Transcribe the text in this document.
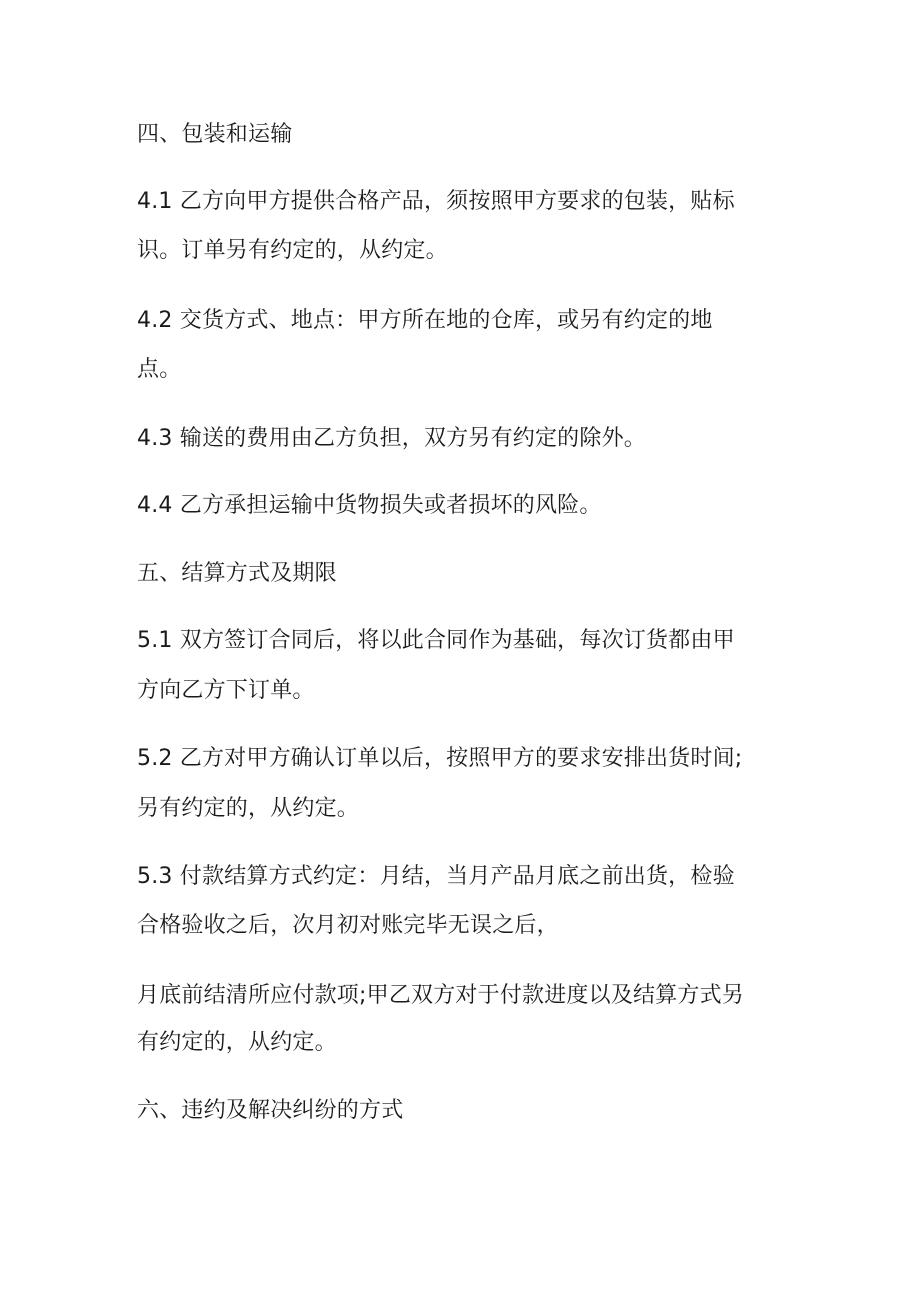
四、包装和运输
4.1 乙方向甲方提供合格产品，须按照甲方要求的包装，贴标
识。订单另有约定的，从约定。
4.2 交货方式、地点：甲方所在地的仓库，或另有约定的地
点。
4.3 输送的费用由乙方负担，双方另有约定的除外。
4.4 乙方承担运输中货物损失或者损坏的风险。
五、结算方式及期限
5.1 双方签订合同后，将以此合同作为基础，每次订货都由甲
方向乙方下订单。
5.2 乙方对甲方确认订单以后，按照甲方的要求安排出货时间;
另有约定的，从约定。
5.3 付款结算方式约定：月结，当月产品月底之前出货，检验
合格验收之后，次月初对账完毕无误之后，
月底前结清所应付款项;甲乙双方对于付款进度以及结算方式另
有约定的，从约定。
六、违约及解决纠纷的方式
